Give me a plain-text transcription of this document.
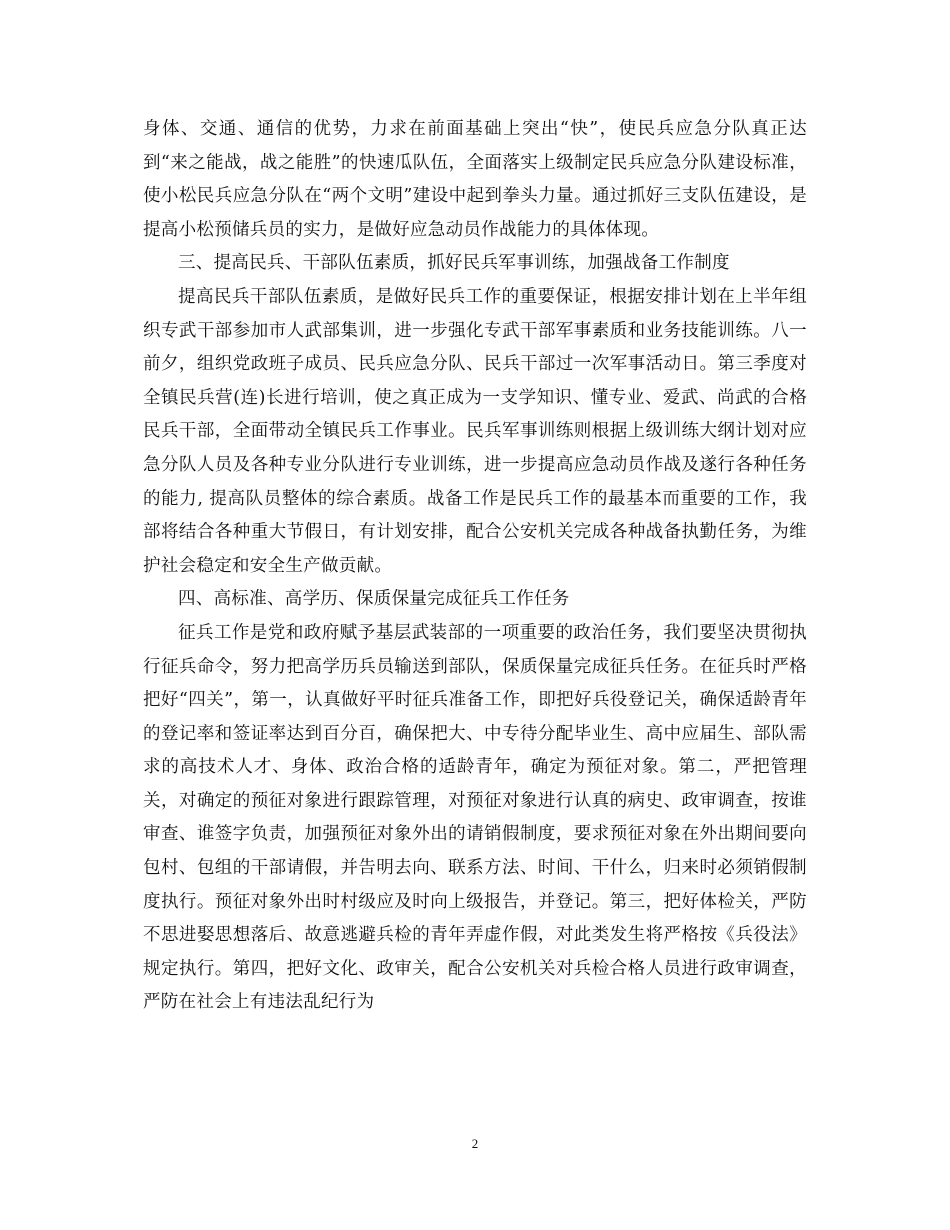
身体、交通、通信的优势，力求在前面基础上突出“快”，使民兵应急分队真正达到“来之能战，战之能胜”的快速瓜队伍，全面落实上级制定民兵应急分队建设标准，使小松民兵应急分队在“两个文明”建设中起到拳头力量。通过抓好三支队伍建设，是提高小松预储兵员的实力，是做好应急动员作战能力的具体体现。

三、提高民兵、干部队伍素质，抓好民兵军事训练，加强战备工作制度

提高民兵干部队伍素质，是做好民兵工作的重要保证，根据安排计划在上半年组织专武干部参加市人武部集训，进一步强化专武干部军事素质和业务技能训练。八一前夕，组织党政班子成员、民兵应急分队、民兵干部过一次军事活动日。第三季度对全镇民兵营(连)长进行培训，使之真正成为一支学知识、懂专业、爱武、尚武的合格民兵干部，全面带动全镇民兵工作事业。民兵军事训练则根据上级训练大纲计划对应急分队人员及各种专业分队进行专业训练，进一步提高应急动员作战及遂行各种任务的能力, 提高队员整体的综合素质。战备工作是民兵工作的最基本而重要的工作，我部将结合各种重大节假日，有计划安排，配合公安机关完成各种战备执勤任务，为维护社会稳定和安全生产做贡献。

四、高标准、高学历、保质保量完成征兵工作任务

征兵工作是党和政府赋予基层武装部的一项重要的政治任务，我们要坚决贯彻执行征兵命令，努力把高学历兵员输送到部队，保质保量完成征兵任务。在征兵时严格把好“四关”，第一，认真做好平时征兵准备工作，即把好兵役登记关，确保适龄青年的登记率和签证率达到百分百，确保把大、中专待分配毕业生、高中应届生、部队需求的高技术人才、身体、政治合格的适龄青年，确定为预征对象。第二，严把管理关，对确定的预征对象进行跟踪管理，对预征对象进行认真的病史、政审调查，按谁审查、谁签字负责，加强预征对象外出的请销假制度，要求预征对象在外出期间要向包村、包组的干部请假，并告明去向、联系方法、时间、干什么，归来时必须销假制度执行。预征对象外出时村级应及时向上级报告，并登记。第三，把好体检关，严防不思进娶思想落后、故意逃避兵检的青年弄虚作假，对此类发生将严格按《兵役法》规定执行。第四，把好文化、政审关，配合公安机关对兵检合格人员进行政审调查，严防在社会上有违法乱纪行为

2
